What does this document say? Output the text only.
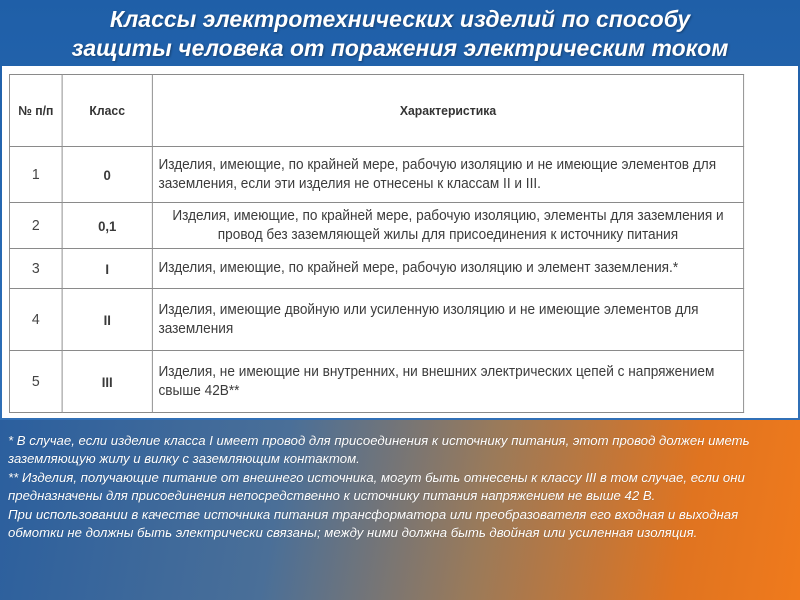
Классы электротехнических изделий по способу
защиты человека от поражения электрическим током
№ п/п	Класс	Характеристика
1	0	Изделия, имеющие, по крайней мере, рабочую изоляцию и не имеющие элементов для заземления, если эти изделия не отнесены к классам II и III.
2	0,1	Изделия, имеющие, по крайней мере, рабочую изоляцию, элементы для заземления и провод без заземляющей жилы для присоединения к источнику питания
3	I	Изделия, имеющие, по крайней мере, рабочую изоляцию и элемент заземления.*
4	II	Изделия, имеющие двойную или усиленную изоляцию и не имеющие элементов для заземления
5	III	Изделия, не имеющие ни внутренних, ни внешних электрических цепей с напряжением свыше 42В**

* В случае, если изделие класса I имеет провод для присоединения к источнику питания, этот провод должен иметь заземляющую жилу и вилку с заземляющим контактом.

** Изделия, получающие питание от внешнего источника, могут быть отнесены к классу III в том случае, если они предназначены для присоединения непосредственно к источнику питания напряжением не выше 42 В.

При использовании в качестве источника питания трансформатора или преобразователя его входная и выходная обмотки не должны быть электрически связаны; между ними должна быть двойная или усиленная изоляция.
